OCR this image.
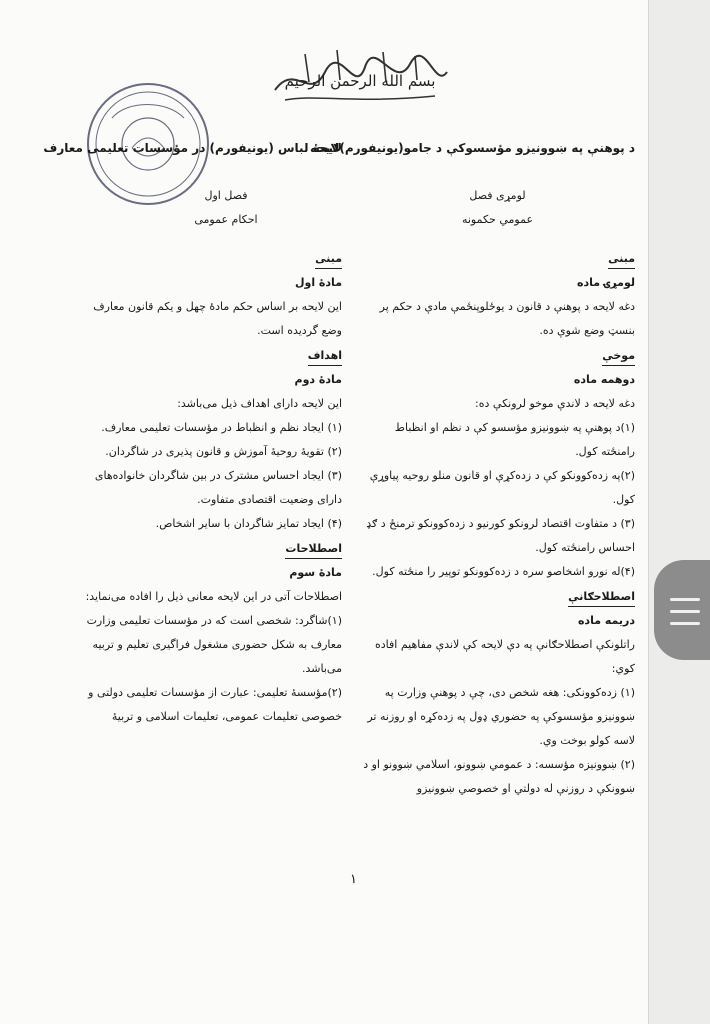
بسم الله الرحمن الرحيم

د پوهنې په ښوونیزو مؤسسوکې د جامو(یونیفورم)لایحه

لومړی فصل

عمومي حکمونه

مبنی

لومړۍ ماده

دغه لایحه د پوهنې د قانون د یوځلوپنځمې مادې د حکم پر بنسټ وضع شوې ده.

موخې

دوهمه ماده

دغه لایحه د لاندې موخو لرونکې ده:

(۱)د پوهنې په ښوونیزو مؤسسو کې د نظم او انظباط رامنځته کول.

(۲)په زده‌کوونکو کې د زده‌کړې او قانون منلو روحیه پیاوړې کول.

(۳) د متفاوت اقتصاد لرونکو کورنیو د زده‌کوونکو ترمنځ د ګډ احساس رامنځته کول.

(۴)له نورو اشخاصو سره د زده‌کوونکو توپیر را منځته کول.

اصطلاحګانې

دریمه ماده

راتلونکې اصطلاحګانې په دې لایحه کې لاندې مفاهیم افاده کوي:

(۱) زده‌کوونکی: هغه شخص دی، چې د پوهنې وزارت په ښوونیزو مؤسسوکې په حضوري ډول په زده‌کړه او روزنه تر لاسه کولو بوخت وي.

(۲) ښوونیزه مؤسسه: د عمومي ښوونو، اسلامي ښوونو او د ښوونکې د روزنې له دولتي او خصوصي ښوونیزو

لایحهٔ لباس (یونیفورم) در مؤسسات تعلیمی معارف

فصل اول

احکام عمومی

مبنی

مادهٔ اول

این لایحه بر اساس حکم مادهٔ چهل و یکم قانون معارف وضع گردیده است.

اهداف

مادهٔ دوم

این لایحه دارای اهداف ذیل می‌باشد:

(۱) ایجاد نظم و انظباط در مؤسسات تعلیمی معارف.

(۲) تقویهٔ روحیهٔ آموزش و قانون پذیری در شاگردان.

(۳) ایجاد احساس مشترک در بین شاگردان خانواده‌های دارای وضعیت اقتصادی متفاوت.

(۴) ایجاد تمایز شاگردان با سایر اشخاص.

اصطلاحات

مادهٔ سوم

اصطلاحات آتی در این لایحه معانی ذیل را افاده می‌نماید:

(۱)شاگرد: شخصی است که در مؤسسات تعلیمی وزارت معارف به شکل حضوری مشغول فراگیری تعلیم و تربیه می‌باشد.

(۲)مؤسسهٔ تعلیمی: عبارت از مؤسسات تعلیمی دولتی و خصوصی تعلیمات عمومی، تعلیمات اسلامی و تربیهٔ

١
